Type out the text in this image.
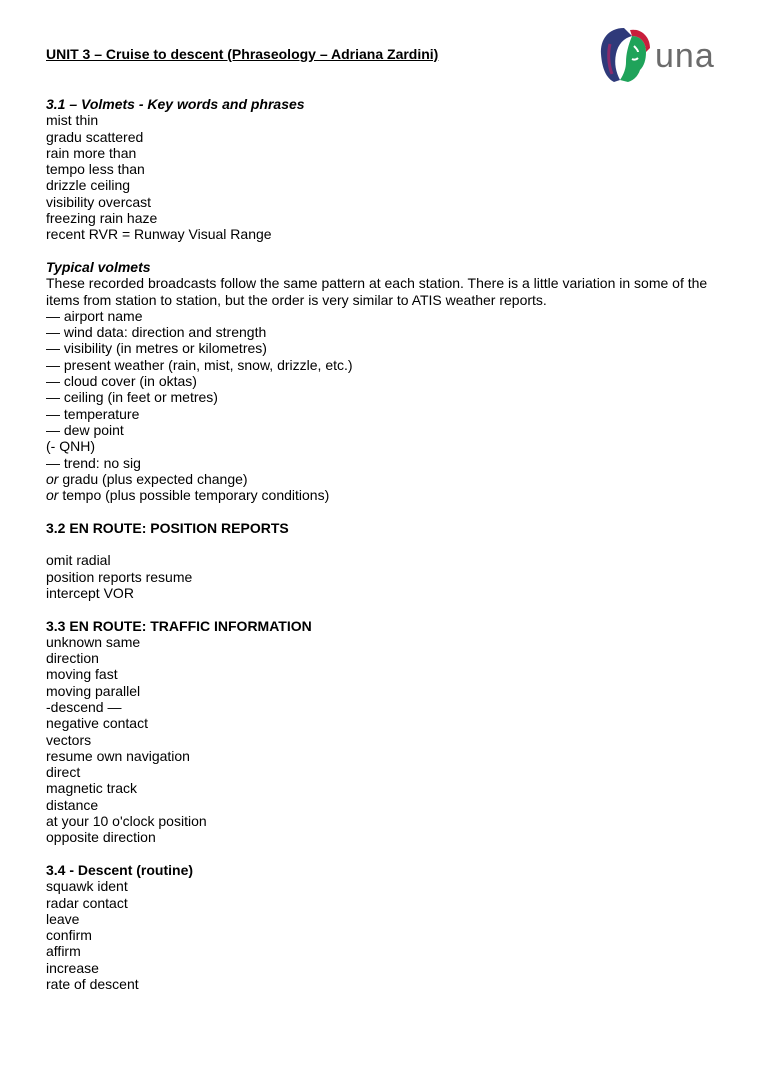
UNIT 3 – Cruise to descent (Phraseology – Adriana Zardini)	una
3.1 – Volmets - Key words and phrases
mist thin
gradu scattered
rain more than
tempo less than
drizzle ceiling
visibility overcast
freezing rain haze
recent RVR = Runway Visual Range
Typical volmets
These recorded broadcasts follow the same pattern at each station. There is a little variation in some of the items from station to station, but the order is very similar to ATIS weather reports.
— airport name
— wind data: direction and strength
— visibility (in metres or kilometres)
— present weather (rain, mist, snow, drizzle, etc.)
— cloud cover (in oktas)
— ceiling (in feet or metres)
— temperature
— dew point
(- QNH)
— trend: no sig
or gradu (plus expected change)
or tempo (plus possible temporary conditions)
3.2 EN ROUTE: POSITION REPORTS
omit radial
position reports resume
intercept VOR
3.3 EN ROUTE: TRAFFIC INFORMATION
unknown same
direction
moving fast
moving parallel
-descend —
negative contact
vectors
resume own navigation
direct
magnetic track
distance
at your 10 o'clock position
opposite direction
3.4 - Descent (routine)
squawk ident
radar contact
leave
confirm
affirm
increase
rate of descent
